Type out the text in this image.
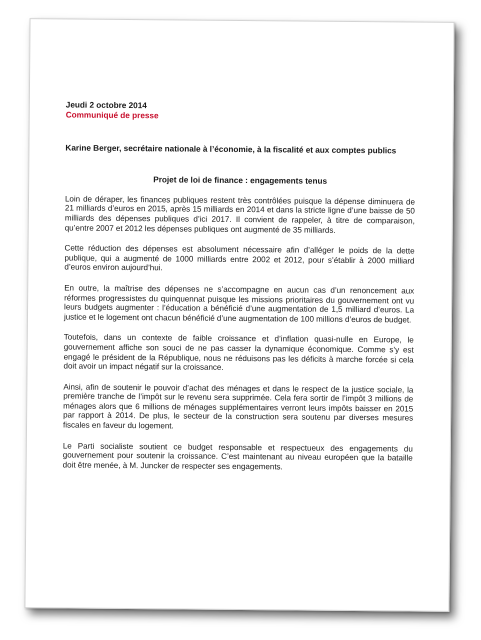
Jeudi 2 octobre 2014

Communiqué de presse

Karine Berger, secrétaire nationale à l’économie, à la fiscalité et aux comptes publics

Projet de loi de finance : engagements tenus

Loin de déraper, les finances publiques restent très contrôlées puisque la dépense diminuera de 21 milliards d’euros en 2015, après 15 milliards en 2014 et dans la stricte ligne d’une baisse de 50 milliards des dépenses publiques d’ici 2017. Il convient de rappeler, à titre de comparaison, qu’entre 2007 et 2012 les dépenses publiques ont augmenté de 35 milliards.

Cette réduction des dépenses est absolument nécessaire afin d’alléger le poids de la dette publique, qui a augmenté de 1000 milliards entre 2002 et 2012, pour s’établir à 2000 milliard d’euros environ aujourd’hui.

En outre, la maîtrise des dépenses ne s’accompagne en aucun cas d’un renoncement aux réformes progressistes du quinquennat puisque les missions prioritaires du gouvernement ont vu leurs budgets augmenter : l’éducation a bénéficié d’une augmentation de 1,5 milliard d’euros. La justice et le logement ont chacun bénéficié d’une augmentation de 100 millions d’euros de budget.

Toutefois, dans un contexte de faible croissance et d’inflation quasi-nulle en Europe, le gouvernement affiche son souci de ne pas casser la dynamique économique. Comme s’y est engagé le président de la République, nous ne réduisons pas les déficits à marche forcée si cela doit avoir un impact négatif sur la croissance.

Ainsi, afin de soutenir le pouvoir d’achat des ménages et dans le respect de la justice sociale, la première tranche de l’impôt sur le revenu sera supprimée. Cela fera sortir de l’impôt 3 millions de ménages alors que 6 millions de ménages supplémentaires verront leurs impôts baisser en 2015 par rapport à 2014. De plus, le secteur de la construction sera soutenu par diverses mesures fiscales en faveur du logement.

Le Parti socialiste soutient ce budget responsable et respectueux des engagements du gouvernement pour soutenir la croissance. C’est maintenant au niveau européen que la bataille doit être menée, à M. Juncker de respecter ses engagements.
